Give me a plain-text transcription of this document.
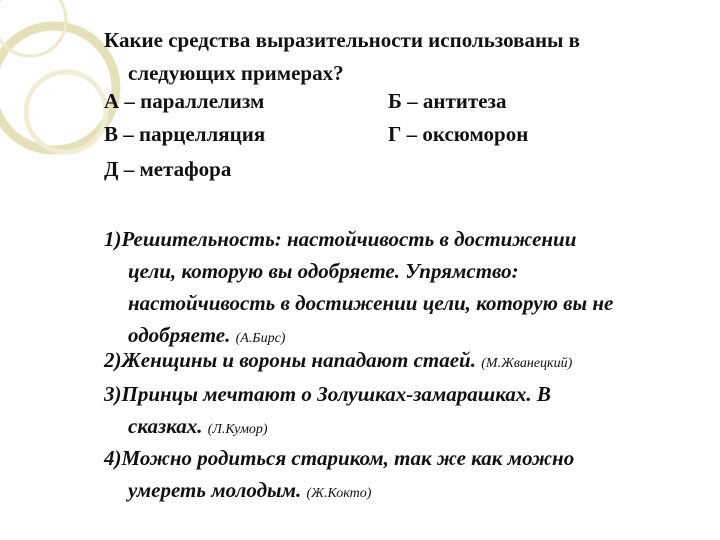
Какие средства выразительности использованы в
следующих примерах?
А – параллелизм	Б – антитеза
В – парцелляция	Г – оксюморон
Д – метафора
1)Решительность: настойчивость в достижении
цели, которую вы одобряете. Упрямство:
настойчивость в достижении цели, которую вы не
одобряете. (А.Бирс)
2)Женщины и вороны нападают стаей. (М.Жванецкий)
3)Принцы мечтают о Золушках-замарашках. В
сказках. (Л.Кумор)
4)Можно родиться стариком, так же как можно
умереть молодым. (Ж.Кокто)
